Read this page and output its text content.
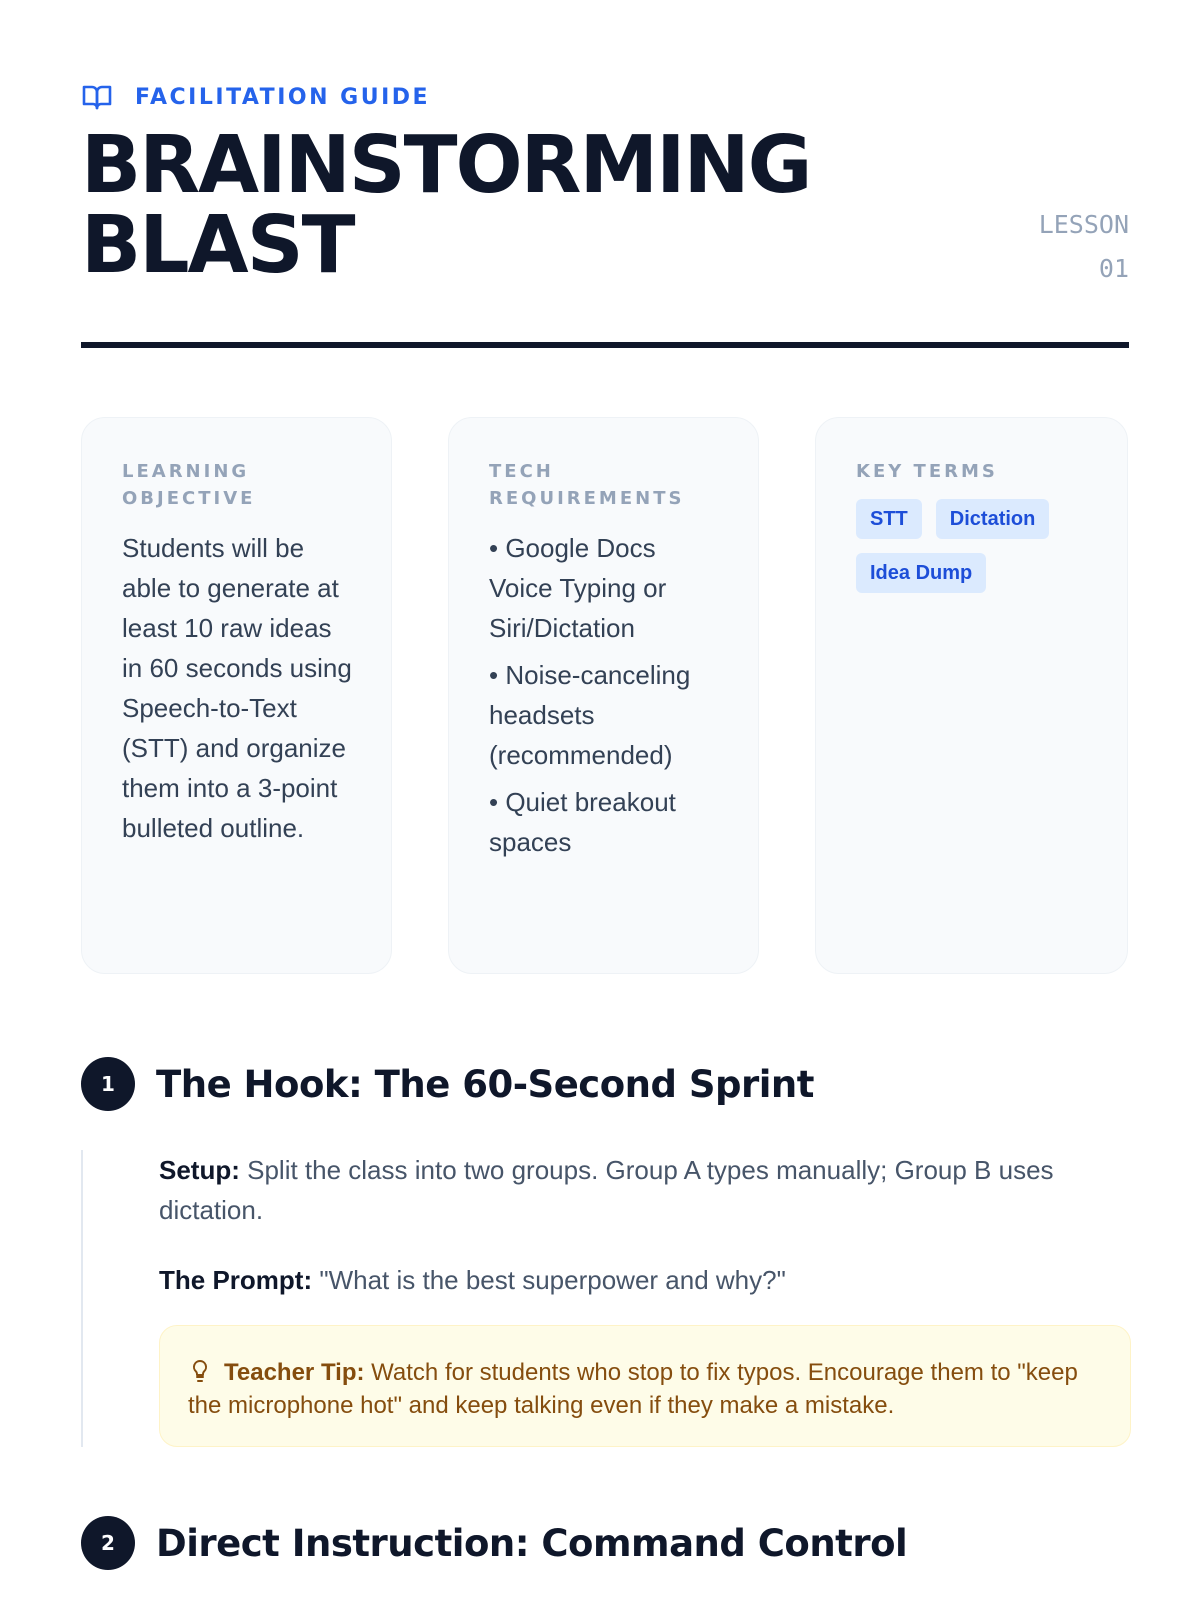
FACILITATION GUIDE
BRAINSTORMING
BLAST	LESSON
01

LEARNING
OBJECTIVE

Students will be able to generate at least 10 raw ideas in 60 seconds using Speech-to-Text (STT) and organize them into a 3-point bulleted outline.

TECH
REQUIREMENTS

• Google Docs Voice Typing or Siri/Dictation
• Noise-canceling headsets (recommended)
• Quiet breakout spaces

KEY TERMS

STT	Dictation
Idea Dump
1	The Hook: The 60-Second Sprint

Setup: Split the class into two groups. Group A types manually; Group B uses dictation.

The Prompt: "What is the best superpower and why?"

Teacher Tip: Watch for students who stop to fix typos. Encourage them to "keep the microphone hot" and keep talking even if they make a mistake.
2	Direct Instruction: Command Control
